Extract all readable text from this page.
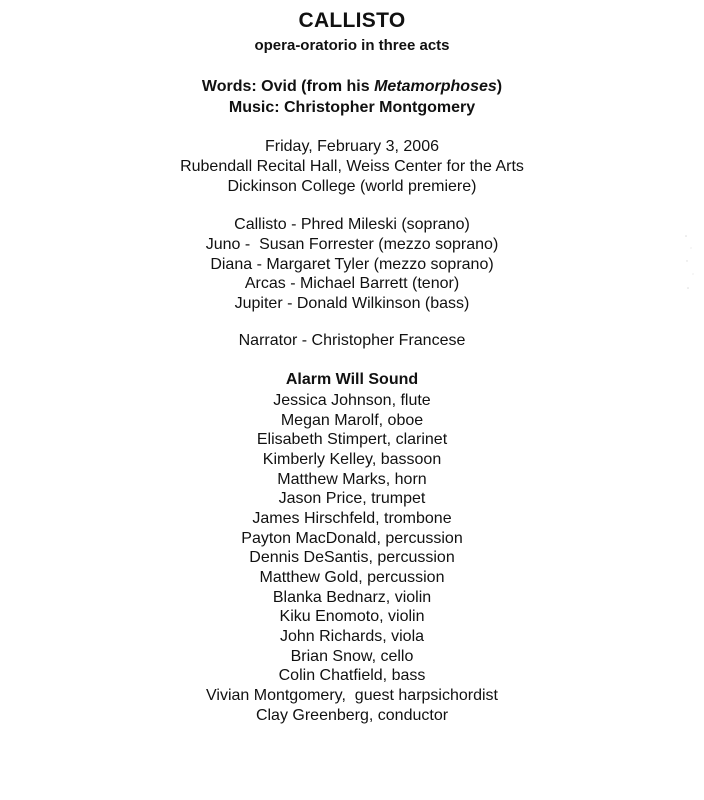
CALLISTO
opera-oratorio in three acts
Words: Ovid (from his Metamorphoses)
Music: Christopher Montgomery
Friday, February 3, 2006
Rubendall Recital Hall, Weiss Center for the Arts
Dickinson College (world premiere)
Callisto - Phred Mileski (soprano)
Juno -  Susan Forrester (mezzo soprano)
Diana - Margaret Tyler (mezzo soprano)
Arcas - Michael Barrett (tenor)
Jupiter - Donald Wilkinson (bass)
Narrator - Christopher Francese
Alarm Will Sound
Jessica Johnson, flute
Megan Marolf, oboe
Elisabeth Stimpert, clarinet
Kimberly Kelley, bassoon
Matthew Marks, horn
Jason Price, trumpet
James Hirschfeld, trombone
Payton MacDonald, percussion
Dennis DeSantis, percussion
Matthew Gold, percussion
Blanka Bednarz, violin
Kiku Enomoto, violin
John Richards, viola
Brian Snow, cello
Colin Chatfield, bass
Vivian Montgomery,  guest harpsichordist
Clay Greenberg, conductor
